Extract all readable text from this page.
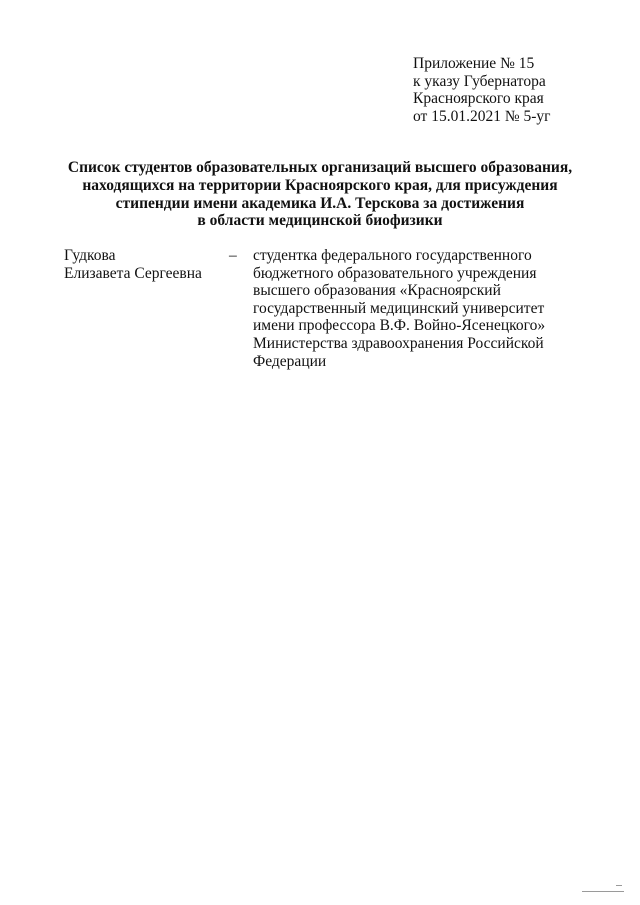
Приложение № 15
к указу Губернатора
Красноярского края
от 15.01.2021 № 5-уг
Список студентов образовательных организаций высшего образования,
находящихся на территории Красноярского края, для присуждения
стипендии имени академика И.А. Терскова за достижения
в области медицинской биофизики
Гудкова
Елизавета Сергеевна
– студентка федерального государственного
бюджетного образовательного учреждения
высшего образования «Красноярский
государственный медицинский университет
имени профессора В.Ф. Войно-Ясенецкого»
Министерства здравоохранения Российской
Федерации
